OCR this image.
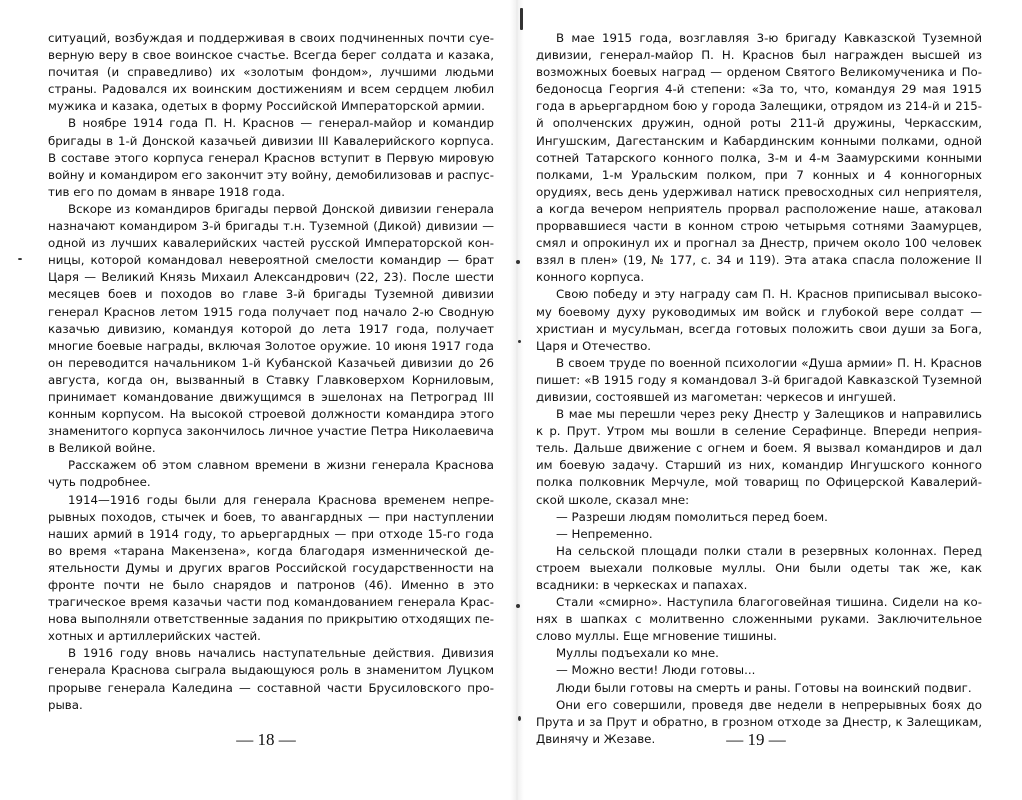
ситуаций, возбуждая и поддерживая в своих подчиненных почти суеверную веру в свое воинское счастье. Всегда берег солдата и казака, почитая (и справедливо) их «золотым фондом», лучшими людьми страны. Радовался их воинским достижениям и всем сердцем любил мужика и казака, одетых в форму Российской Императорской армии.

В ноябре 1914 года П. Н. Краснов — генерал-майор и командир бригады в 1-й Донской казачьей дивизии III Кавалерийского корпуса. В составе этого корпуса генерал Краснов вступит в Первую мировую войну и командиром его закончит эту войну, демобилизовав и распустив его по домам в январе 1918 года.

Вскоре из командиров бригады первой Донской дивизии генерала назначают командиром 3-й бригады т.н. Туземной (Дикой) дивизии — одной из лучших кавалерийских частей русской Императорской конницы, которой командовал невероятной смелости командир — брат Царя — Великий Князь Михаил Александрович (22, 23). После шести месяцев боев и походов во главе 3-й бригады Туземной дивизии генерал Краснов летом 1915 года получает под начало 2-ю Сводную казачью дивизию, командуя которой до лета 1917 года, получает многие боевые награды, включая Золотое оружие. 10 июня 1917 года он переводится начальником 1-й Кубанской Казачьей дивизии до 26 августа, когда он, вызванный в Ставку Главковерхом Корниловым, принимает командование движущимся в эшелонах на Петроград III конным корпусом. На высокой строевой должности командира этого знаменитого корпуса закончилось личное участие Петра Николаевича в Великой войне.

Расскажем об этом славном времени в жизни генерала Краснова чуть подробнее.

1914—1916 годы были для генерала Краснова временем непрерывных походов, стычек и боев, то авангардных — при наступлении наших армий в 1914 году, то арьергардных — при отходе 15-го года во время «тарана Макензена», когда благодаря изменнической деятельности Думы и других врагов Российской государственности на фронте почти не было снарядов и патронов (46). Именно в это трагическое время казачьи части под командованием генерала Краснова выполняли ответственные задания по прикрытию отходящих пехотных и артиллерийских частей.

В 1916 году вновь начались наступательные действия. Дивизия генерала Краснова сыграла выдающуюся роль в знаменитом Луцком прорыве генерала Каледина — составной части Брусиловского прорыва.

В мае 1915 года, возглавляя 3-ю бригаду Кавказской Туземной дивизии, генерал-майор П. Н. Краснов был награжден высшей из возможных боевых наград — орденом Святого Великомученика и Победоносца Георгия 4-й степени: «За то, что, командуя 29 мая 1915 года в арьергардном бою у города Залещики, отрядом из 214-й и 215-й ополченских дружин, одной роты 211-й дружины, Черкасским, Ингушским, Дагестанским и Кабардинским конными полками, одной сотней Татарского конного полка, 3-м и 4-м Заамурскими конными полками, 1-м Уральским полком, при 7 конных и 4 конногорных орудиях, весь день удерживал натиск превосходных сил неприятеля, а когда вечером неприятель прорвал расположение наше, атаковал прорвавшиеся части в конном строю четырьмя сотнями Заамурцев, смял и опрокинул их и прогнал за Днестр, причем около 100 человек взял в плен» (19, № 177, с. 34 и 119). Эта атака спасла положение II конного корпуса.

Свою победу и эту награду сам П. Н. Краснов приписывал высокому боевому духу руководимых им войск и глубокой вере солдат — христиан и мусульман, всегда готовых положить свои души за Бога, Царя и Отечество.

В своем труде по военной психологии «Душа армии» П. Н. Краснов пишет: «В 1915 году я командовал 3-й бригадой Кавказской Туземной дивизии, состоявшей из магометан: черкесов и ингушей.

В мае мы перешли через реку Днестр у Залещиков и направились к р. Прут. Утром мы вошли в селение Серафинце. Впереди неприятель. Дальше движение с огнем и боем. Я вызвал командиров и дал им боевую задачу. Старший из них, командир Ингушского конного полка полковник Мерчуле, мой товарищ по Офицерской Кавалерийской школе, сказал мне:

— Разреши людям помолиться перед боем.

— Непременно.

На сельской площади полки стали в резервных колоннах. Перед строем выехали полковые муллы. Они были одеты так же, как всадники: в черкесках и папахах.

Стали «смирно». Наступила благоговейная тишина. Сидели на конях в шапках с молитвенно сложенными руками. Заключительное слово муллы. Еще мгновение тишины.

Муллы подъехали ко мне.

— Можно вести! Люди готовы...

Люди были готовы на смерть и раны. Готовы на воинский подвиг.

Они его совершили, проведя две недели в непрерывных боях до Прута и за Прут и обратно, в грозном отходе за Днестр, к Залещикам, Двинячу и Жезаве.

— 18 —	— 19 —
